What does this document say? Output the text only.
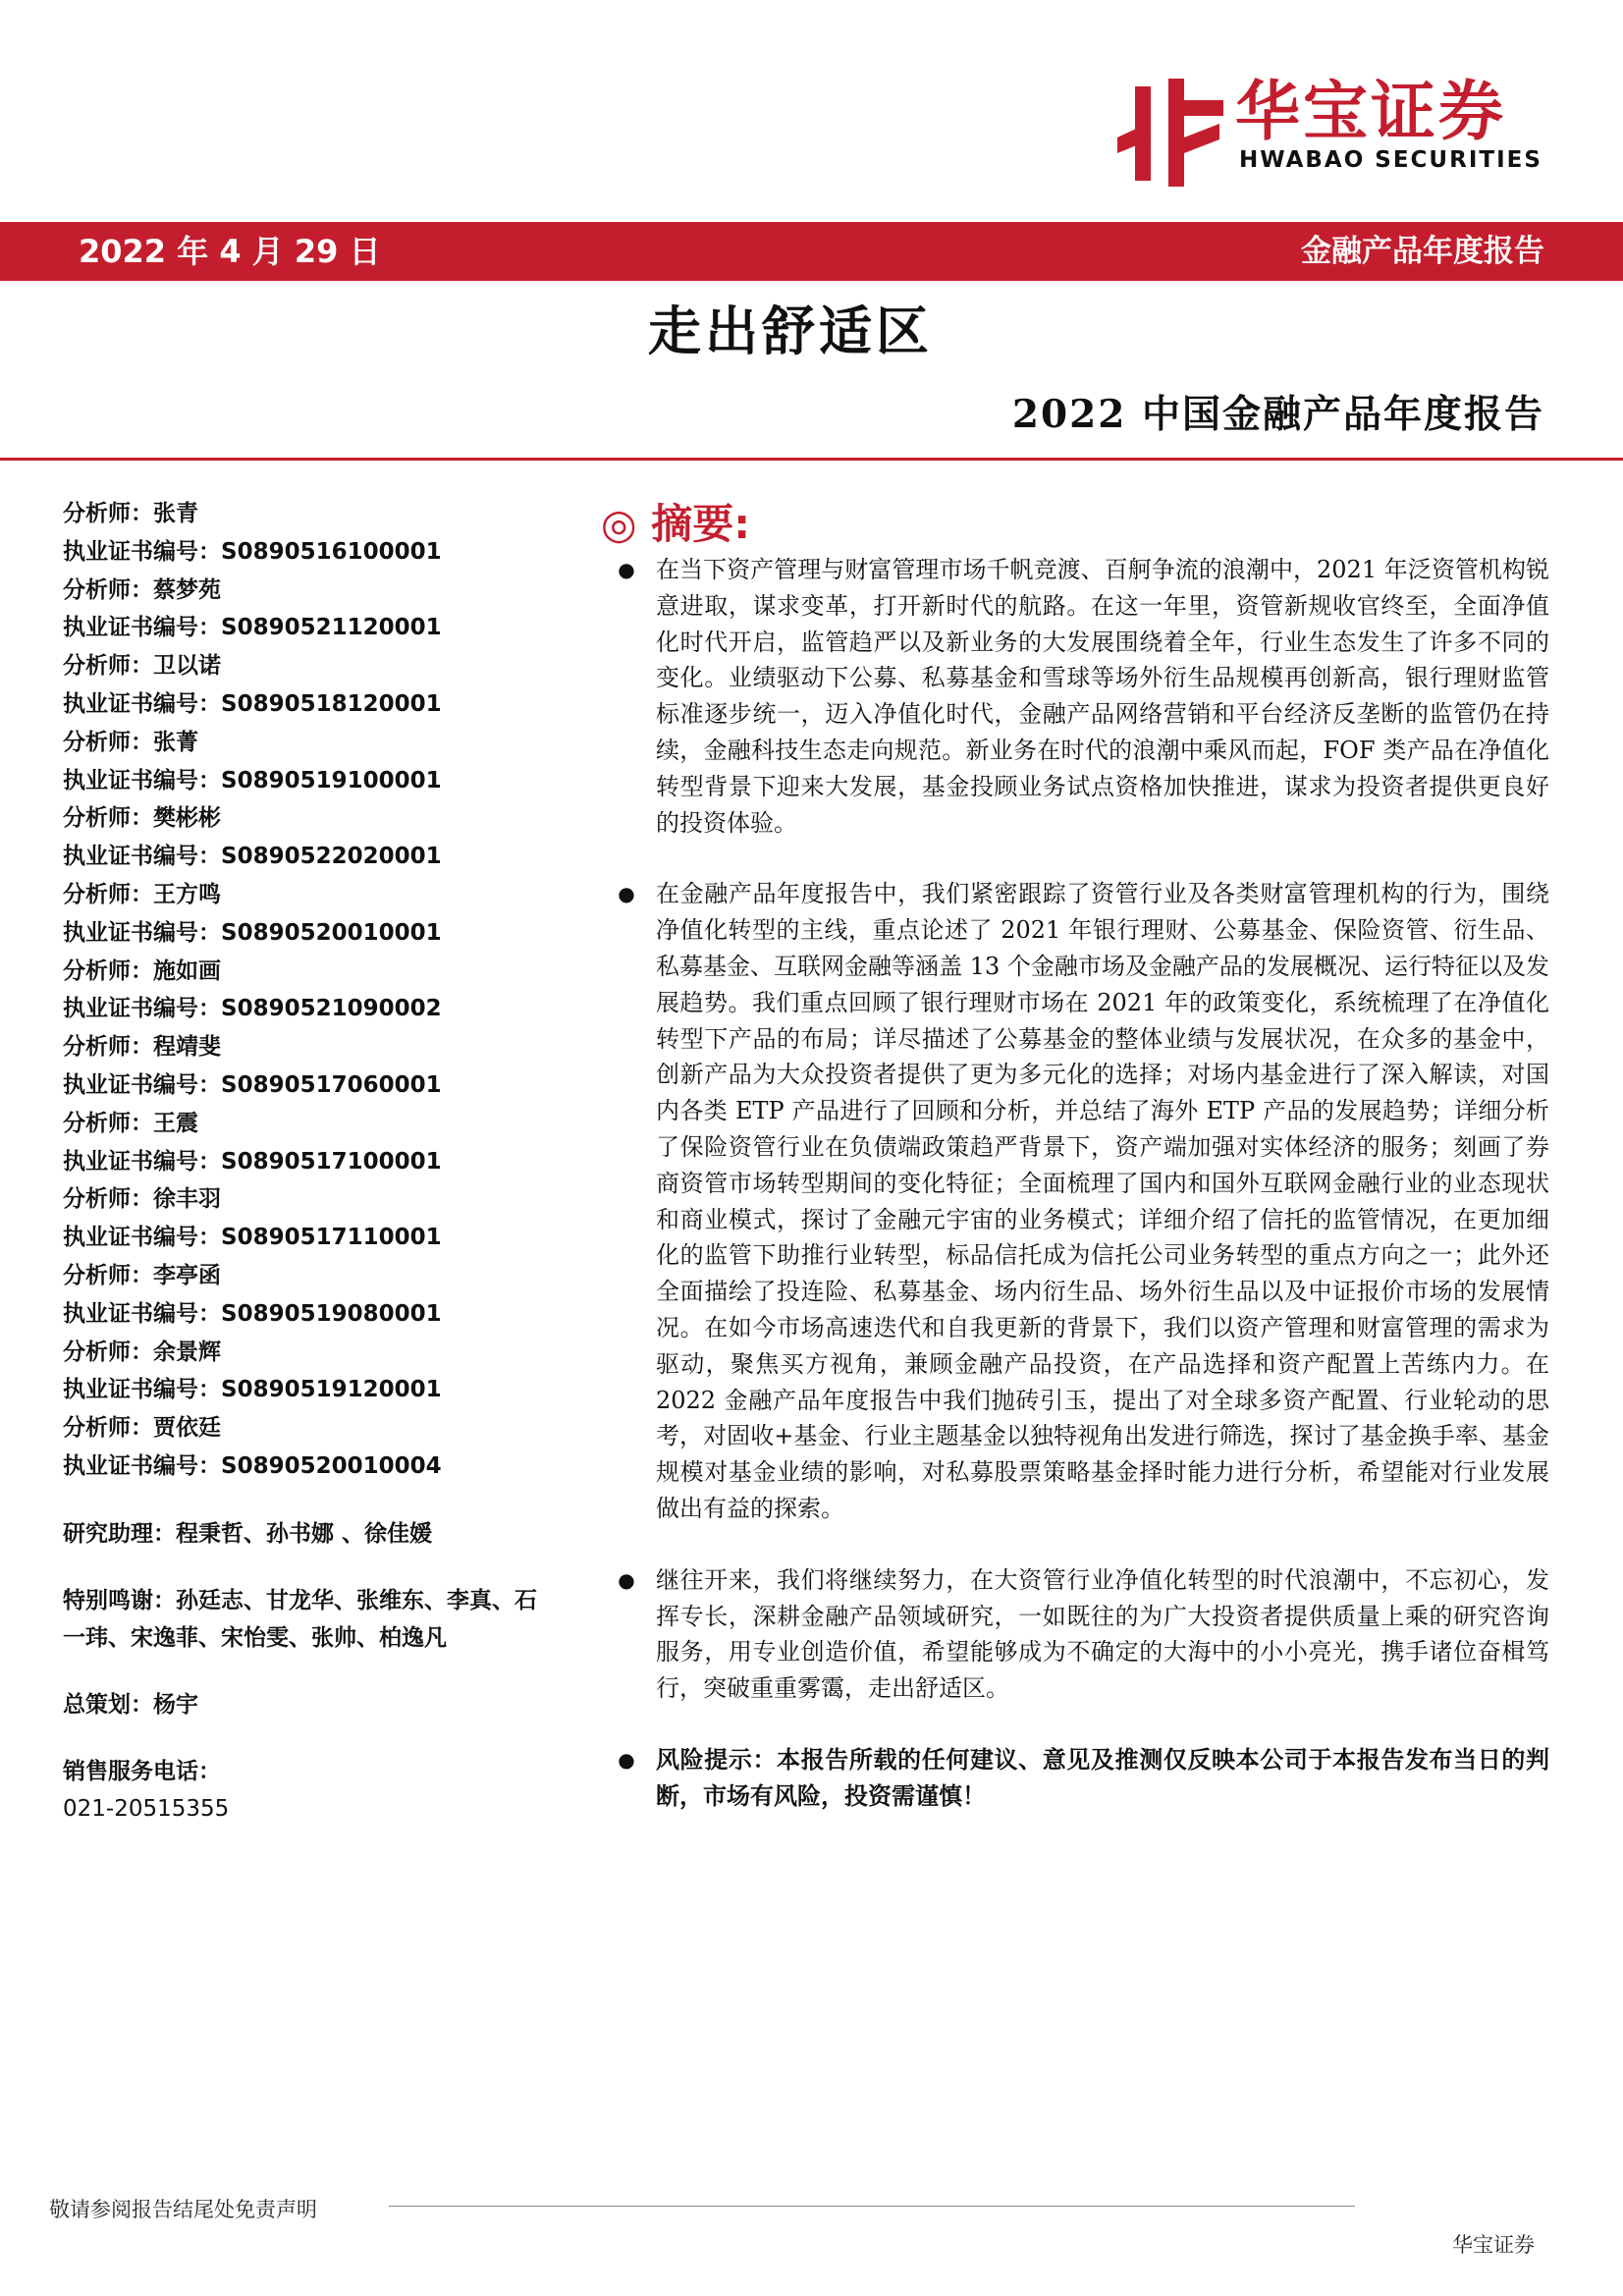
华宝证券
HWABAO SECURITIES
2022 年 4 月 29 日	金融产品年度报告
走出舒适区
2022 中国金融产品年度报告
分析师：张青
执业证书编号：S0890516100001
分析师：蔡梦苑
执业证书编号：S0890521120001
分析师：卫以诺
执业证书编号：S0890518120001
分析师：张菁
执业证书编号：S0890519100001
分析师：樊彬彬
执业证书编号：S0890522020001
分析师：王方鸣
执业证书编号：S0890520010001
分析师：施如画
执业证书编号：S0890521090002
分析师：程靖斐
执业证书编号：S0890517060001
分析师：王震
执业证书编号：S0890517100001
分析师：徐丰羽
执业证书编号：S0890517110001
分析师：李亭函
执业证书编号：S0890519080001
分析师：余景辉
执业证书编号：S0890519120001
分析师：贾依廷
执业证书编号：S0890520010004
研究助理：程秉哲、孙书娜 、徐佳媛
特别鸣谢：孙廷志、甘龙华、张维东、李真、石一玮、宋逸菲、宋怡雯、张帅、柏逸凡
总策划：杨宇
销售服务电话：
021-20515355
◎ 摘要:
● 在当下资产管理与财富管理市场千帆竞渡、百舸争流的浪潮中，2021 年泛资管机构锐意进取，谋求变革，打开新时代的航路。在这一年里，资管新规收官终至，全面净值化时代开启，监管趋严以及新业务的大发展围绕着全年，行业生态发生了许多不同的变化。业绩驱动下公募、私募基金和雪球等场外衍生品规模再创新高，银行理财监管标准逐步统一，迈入净值化时代，金融产品网络营销和平台经济反垄断的监管仍在持续，金融科技生态走向规范。新业务在时代的浪潮中乘风而起，FOF 类产品在净值化转型背景下迎来大发展，基金投顾业务试点资格加快推进，谋求为投资者提供更良好的投资体验。
● 在金融产品年度报告中，我们紧密跟踪了资管行业及各类财富管理机构的行为，围绕净值化转型的主线，重点论述了 2021 年银行理财、公募基金、保险资管、衍生品、私募基金、互联网金融等涵盖 13 个金融市场及金融产品的发展概况、运行特征以及发展趋势。我们重点回顾了银行理财市场在 2021 年的政策变化，系统梳理了在净值化转型下产品的布局；详尽描述了公募基金的整体业绩与发展状况，在众多的基金中，创新产品为大众投资者提供了更为多元化的选择；对场内基金进行了深入解读，对国内各类 ETP 产品进行了回顾和分析，并总结了海外 ETP 产品的发展趋势；详细分析了保险资管行业在负债端政策趋严背景下，资产端加强对实体经济的服务；刻画了券商资管市场转型期间的变化特征；全面梳理了国内和国外互联网金融行业的业态现状和商业模式，探讨了金融元宇宙的业务模式；详细介绍了信托的监管情况，在更加细化的监管下助推行业转型，标品信托成为信托公司业务转型的重点方向之一；此外还全面描绘了投连险、私募基金、场内衍生品、场外衍生品以及中证报价市场的发展情况。在如今市场高速迭代和自我更新的背景下，我们以资产管理和财富管理的需求为驱动，聚焦买方视角，兼顾金融产品投资，在产品选择和资产配置上苦练内力。在 2022 金融产品年度报告中我们抛砖引玉，提出了对全球多资产配置、行业轮动的思考，对固收+基金、行业主题基金以独特视角出发进行筛选，探讨了基金换手率、基金规模对基金业绩的影响，对私募股票策略基金择时能力进行分析，希望能对行业发展做出有益的探索。
● 继往开来，我们将继续努力，在大资管行业净值化转型的时代浪潮中，不忘初心，发挥专长，深耕金融产品领域研究，一如既往的为广大投资者提供质量上乘的研究咨询服务，用专业创造价值，希望能够成为不确定的大海中的小小亮光，携手诸位奋楫笃行，突破重重雾霭，走出舒适区。
● 风险提示：本报告所载的任何建议、意见及推测仅反映本公司于本报告发布当日的判断，市场有风险，投资需谨慎！
敬请参阅报告结尾处免责声明
华宝证券
